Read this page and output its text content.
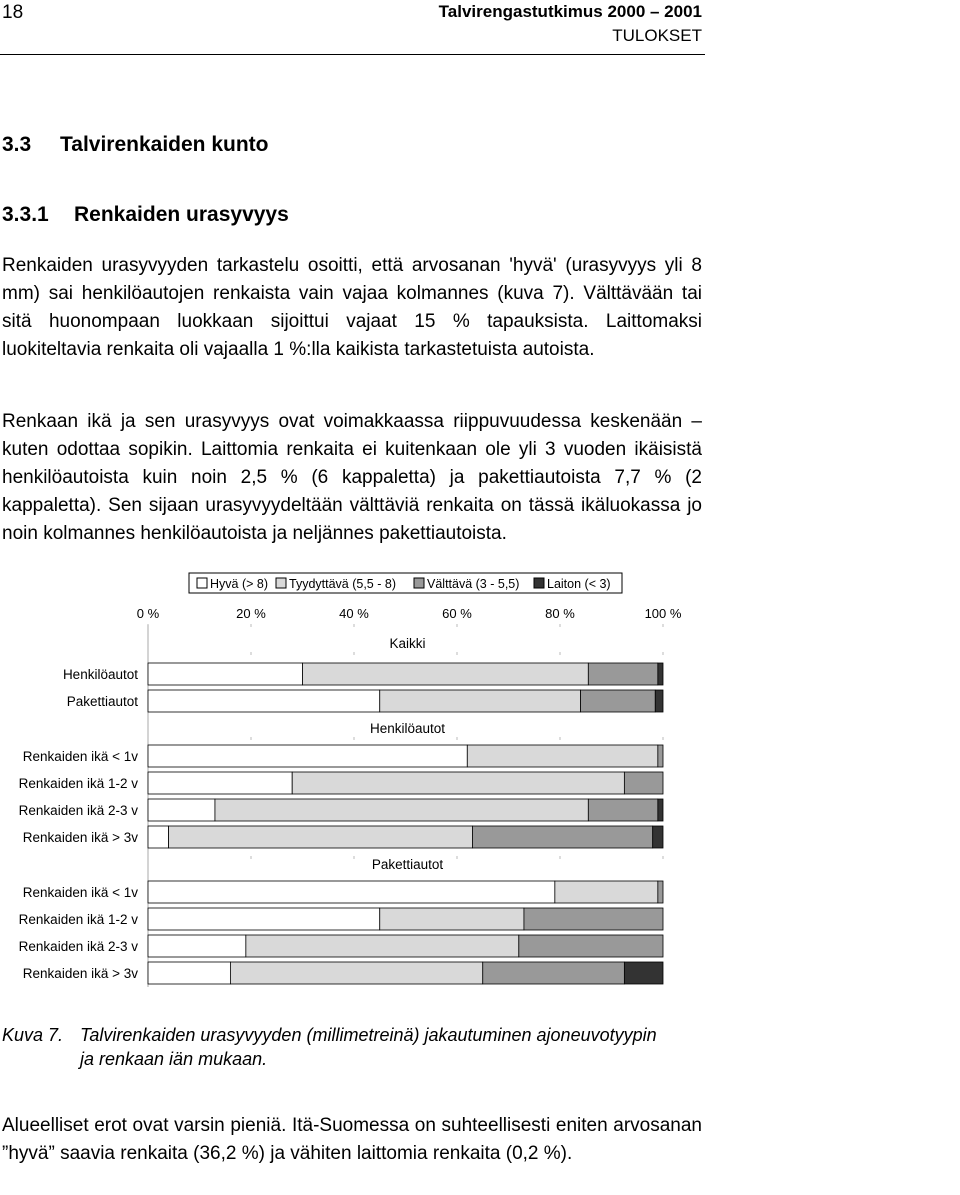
18	Talvirengastutkimus 2000 – 2001
TULOKSET
3.3 Talvirenkaiden kunto
3.3.1 Renkaiden urasyvyys
Renkaiden urasyvyyden tarkastelu osoitti, että arvosanan 'hyvä' (urasyvyys yli 8 mm) sai henkilöautojen renkaista vain vajaa kolmannes (kuva 7). Välttävään tai sitä huonompaan luokkaan sijoittui vajaat 15 % tapauksista. Laittomaksi luokiteltavia renkaita oli vajaalla 1 %:lla kaikista tarkastetuista autoista.
Renkaan ikä ja sen urasyvyys ovat voimakkaassa riippuvuudessa keskenään – kuten odottaa sopikin. Laittomia renkaita ei kuitenkaan ole yli 3 vuoden ikäisistä henkilöautoista kuin noin 2,5 % (6 kappaletta) ja pakettiautoista 7,7 % (2 kappaletta). Sen sijaan urasyvyydeltään välttäviä renkaita on tässä ikäluokassa jo noin kolmannes henkilöautoista ja neljännes pakettiautoista.
Hyvä (> 8) Tyydyttävä (5,5 - 8) Välttävä (3 - 5,5) Laiton (< 3)
0 %	20 %	40 %	60 %	80 %	100 %
Kaikki
Henkilöautot
Pakettiautot
Henkilöautot
Renkaiden ikä < 1v
Renkaiden ikä 1-2 v
Renkaiden ikä 2-3 v
Renkaiden ikä > 3v
Pakettiautot
Renkaiden ikä < 1v
Renkaiden ikä 1-2 v
Renkaiden ikä 2-3 v
Renkaiden ikä > 3v
Kuva 7. Talvirenkaiden urasyvyyden (millimetreinä) jakautuminen ajoneuvotyypin
ja renkaan iän mukaan.
Alueelliset erot ovat varsin pieniä. Itä-Suomessa on suhteellisesti eniten arvosanan ”hyvä” saavia renkaita (36,2 %) ja vähiten laittomia renkaita (0,2 %).
